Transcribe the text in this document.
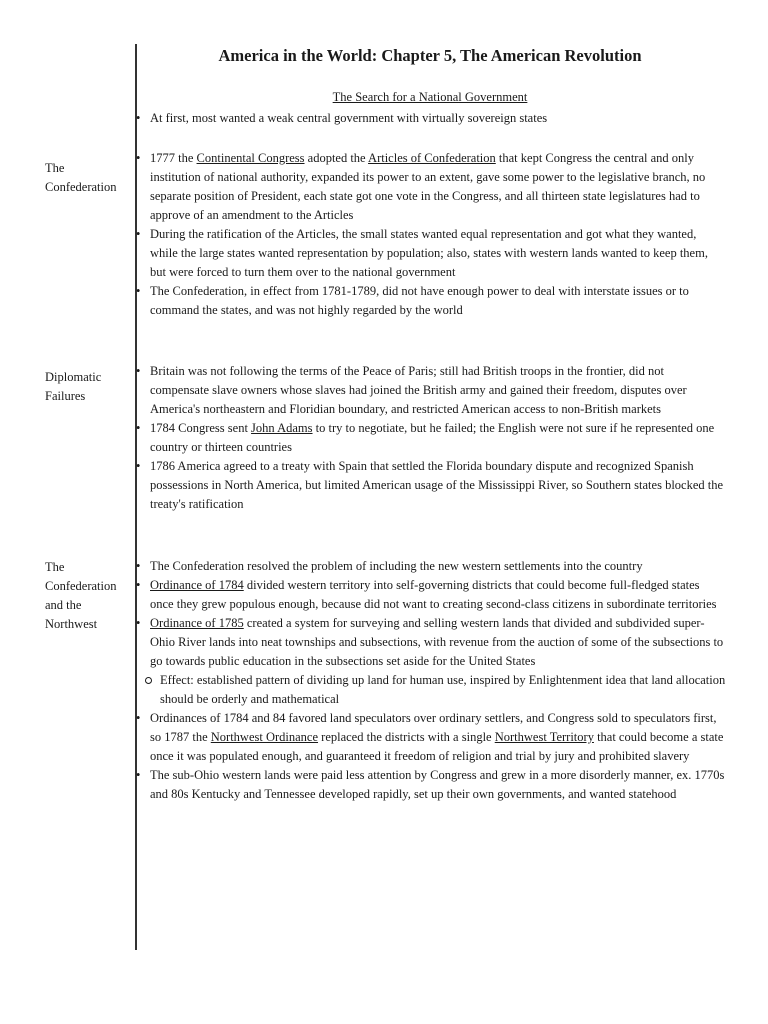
America in the World: Chapter 5, The American Revolution
The Search for a National Government
• At first, most wanted a weak central government with virtually sovereign states
The
Confederation
• 1777 the Continental Congress adopted the Articles of Confederation that kept Congress the central and only institution of national authority, expanded its power to an extent, gave some power to the legislative branch, no separate position of President, each state got one vote in the Congress, and all thirteen state legislatures had to approve of an amendment to the Articles
• During the ratification of the Articles, the small states wanted equal representation and got what they wanted, while the large states wanted representation by population; also, states with western lands wanted to keep them, but were forced to turn them over to the national government
• The Confederation, in effect from 1781-1789, did not have enough power to deal with interstate issues or to command the states, and was not highly regarded by the world
Diplomatic
Failures
• Britain was not following the terms of the Peace of Paris; still had British troops in the frontier, did not compensate slave owners whose slaves had joined the British army and gained their freedom, disputes over America's northeastern and Floridian boundary, and restricted American access to non-British markets
• 1784 Congress sent John Adams to try to negotiate, but he failed; the English were not sure if he represented one country or thirteen countries
• 1786 America agreed to a treaty with Spain that settled the Florida boundary dispute and recognized Spanish possessions in North America, but limited American usage of the Mississippi River, so Southern states blocked the treaty's ratification
The
Confederation
and the
Northwest
• The Confederation resolved the problem of including the new western settlements into the country
• Ordinance of 1784 divided western territory into self-governing districts that could become full-fledged states once they grew populous enough, because did not want to creating second-class citizens in subordinate territories
• Ordinance of 1785 created a system for surveying and selling western lands that divided and subdivided super-Ohio River lands into neat townships and subsections, with revenue from the auction of some of the subsections to go towards public education in the subsections set aside for the United States
Effect: established pattern of dividing up land for human use, inspired by Enlightenment idea that land allocation should be orderly and mathematical
• Ordinances of 1784 and 84 favored land speculators over ordinary settlers, and Congress sold to speculators first, so 1787 the Northwest Ordinance replaced the districts with a single Northwest Territory that could become a state once it was populated enough, and guaranteed it freedom of religion and trial by jury and prohibited slavery
• The sub-Ohio western lands were paid less attention by Congress and grew in a more disorderly manner, ex. 1770s and 80s Kentucky and Tennessee developed rapidly, set up their own governments, and wanted statehood
